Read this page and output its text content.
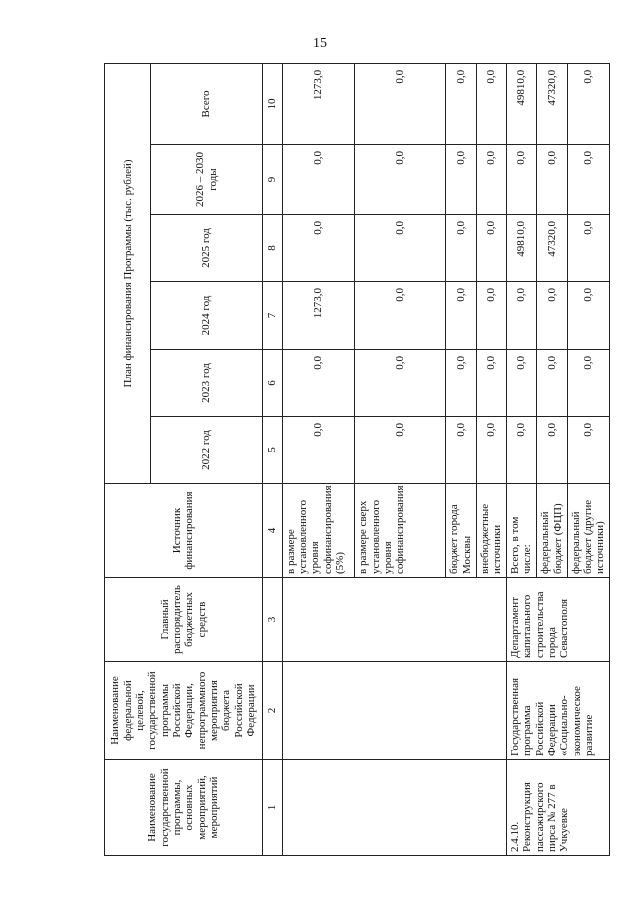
15
Наименование государственной программы, основных мероприятий, мероприятий	Наименование федеральной целевой, государственной программы Российской Федерации, непрограммного мероприятия бюджета Российской Федерации	Главный распорядитель бюджетных средств	Источник финансирования	План финансирования Программы (тыс. рублей)					
				2022 год	2023 год	2024 год	2025 год	2026 – 2030 годы	Всего
1	2	3	4	5	6	7	8	9	10
			в размере установленного уровня софинансирования (5%)	0,0	0,0	1273,0	0,0	0,0	1273,0
			в размере сверх установленного уровня софинансирования	0,0	0,0	0,0	0,0	0,0	0,0
			бюджет города Москвы	0,0	0,0	0,0	0,0	0,0	0,0
			внебюджетные источники	0,0	0,0	0,0	0,0	0,0	0,0
2.4.10. Реконструкция пассажирского пирса № 277 в Учкуевке	Государственная программа Российской Федерации «Социально-экономическое развитие	Департамент капитального строительства города Севастополя	Всего, в том числе:	0,0	0,0	0,0	49810,0	0,0	49810,0
			федеральный бюджет (ФЦП)	0,0	0,0	0,0	47320,0	0,0	47320,0
			федеральный бюджет (другие источники)	0,0	0,0	0,0	0,0	0,0	0,0
